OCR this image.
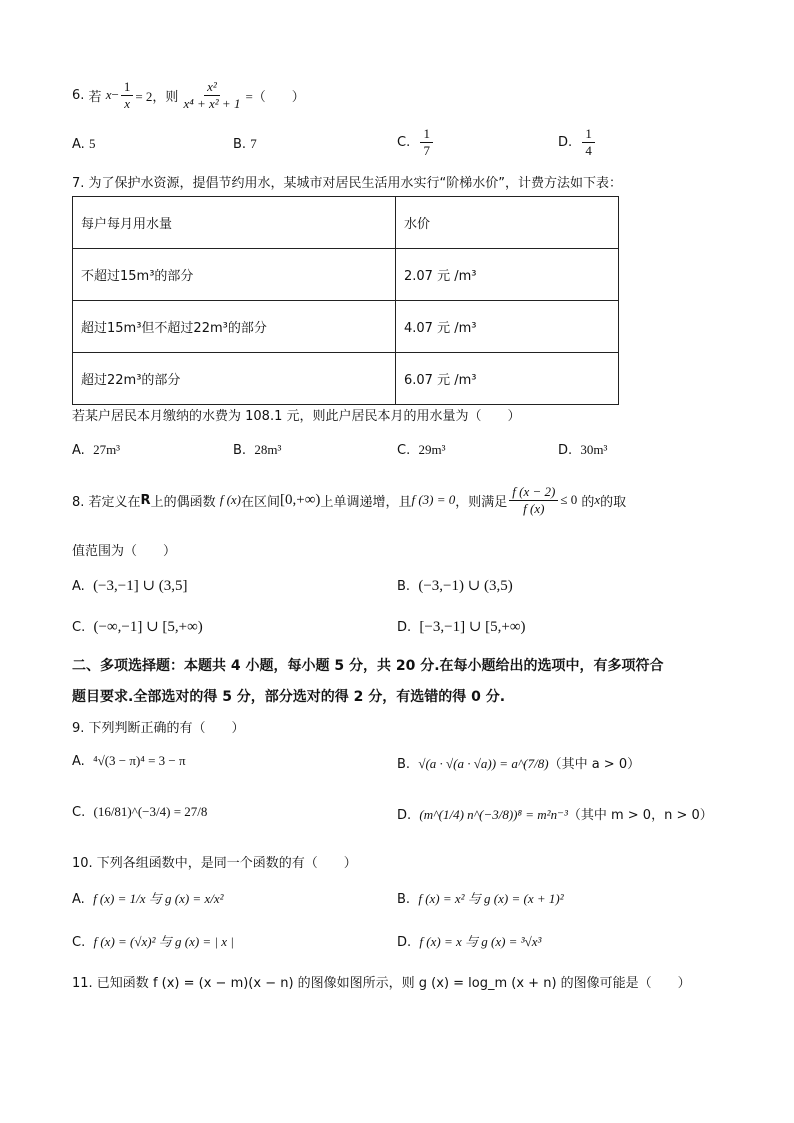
6.
若
$x - \frac{1}{x} = 2$， 则 $\frac{\text{x²}}{\text{x⁴ + x² + 1}}$ =（　　）
A. 5	B. 7	C.
$\frac{1}{7}$	D.
$\frac{1}{4}$
7. 为了保护水资源，提倡节约用水，某城市对居民生活用水实行“阶梯水价”，计费方法如下表：
每户每月用水量	水价
不超过15m³的部分	2.07 元 /m³
超过15m³但不超过22m³的部分	4.07 元 /m³
超过22m³的部分	6.07 元 /m³
若某户居民本月缴纳的水费为 108.1 元，则此户居民本月的用水量为（　　）
A. 27m³	B. 28m³	C. 29m³	D. 30m³
8. 若定义在 R 上的偶函数
f (x) 在区间 [0,+∞) 上单调递增，且 f (3) = 0 ，则满足 $\frac{f (x - 2)}{f (x)} \le 0$
的 x 的取
值范围为（　　）
A. (−3,−1] ∪ (3,5]	B. (−3,−1) ∪ (3,5)
C. (−∞,−1] ∪ [5,+∞)	D. [−3,−1] ∪ [5,+∞)
二、多项选择题：本题共 4 小题，每小题 5 分，共 20 分.在每小题给出的选项中，有多项符合
题目要求.全部选对的得 5 分，部分选对的得 2 分，有选错的得 0 分.
9. 下列判断正确的有（　　）
A. ⁴√(3 − π)⁴ = 3 − π	B. √(a · √(a · √a)) = a^(7/8)（其中 a > 0）
C. (16/81)^(−3/4) = 27/8	D. (m^(1/4) n^(−3/8))⁸ = m²n⁻³（其中 m > 0，n > 0）
10. 下列各组函数中，是同一个函数的有（　　）
A. f (x) = 1/x 与 g (x) = x/x²	B. f (x) = x² 与 g (x) = (x + 1)²
C. f (x) = (√x)² 与 g (x) = | x |	D. f (x) = x 与 g (x) = ³√x³
11. 已知函数 f (x) = (x − m)(x − n) 的图像如图所示，则 g (x) = log_m (x + n) 的图像可能是（　　）
